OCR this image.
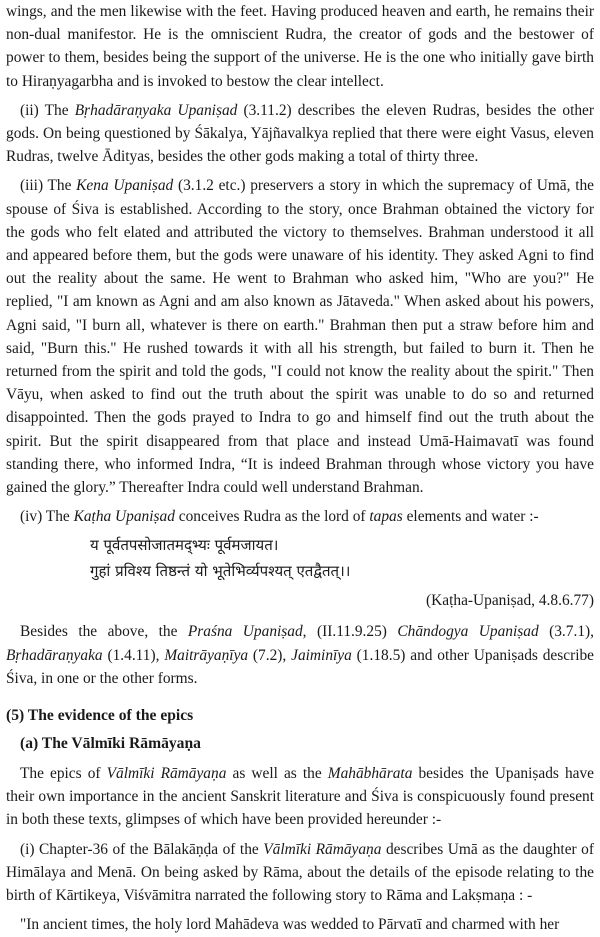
wings, and the men likewise with the feet. Having produced heaven and earth, he remains their non-dual manifestor. He is the omniscient Rudra, the creator of gods and the bestower of power to them, besides being the support of the universe. He is the one who initially gave birth to Hiraṇyagarbha and is invoked to bestow the clear intellect.

(ii) The Bṛhadāraṇyaka Upaniṣad (3.11.2) describes the eleven Rudras, besides the other gods. On being questioned by Śākalya, Yājñavalkya replied that there were eight Vasus, eleven Rudras, twelve Ādityas, besides the other gods making a total of thirty three.

(iii) The Kena Upaniṣad (3.1.2 etc.) preservers a story in which the supremacy of Umā, the spouse of Śiva is established. According to the story, once Brahman obtained the victory for the gods who felt elated and attributed the victory to themselves. Brahman understood it all and appeared before them, but the gods were unaware of his identity. They asked Agni to find out the reality about the same. He went to Brahman who asked him, "Who are you?" He replied, "I am known as Agni and am also known as Jātaveda." When asked about his powers, Agni said, "I burn all, whatever is there on earth." Brahman then put a straw before him and said, "Burn this." He rushed towards it with all his strength, but failed to burn it. Then he returned from the spirit and told the gods, "I could not know the reality about the spirit." Then Vāyu, when asked to find out the truth about the spirit was unable to do so and returned disappointed. Then the gods prayed to Indra to go and himself find out the truth about the spirit. But the spirit disappeared from that place and instead Umā-Haimavatī was found standing there, who informed Indra, “It is indeed Brahman through whose victory you have gained the glory.” Thereafter Indra could well understand Brahman.

(iv) The Kaṭha Upaniṣad conceives Rudra as the lord of tapas elements and water :-

य पूर्वतपसोजातमद्भ्यः पूर्वमजायत।
गुहां प्रविश्य तिष्ठन्तं यो भूतेभिर्व्यपश्यत् एतद्वैतत्।।
(Kaṭha-Upaniṣad, 4.8.6.77)

Besides the above, the Praśna Upaniṣad, (II.11.9.25) Chāndogya Upaniṣad (3.7.1), Bṛhadāraṇyaka (1.4.11), Maitrāyaṇīya (7.2), Jaiminīya (1.18.5) and other Upaniṣads describe Śiva, in one or the other forms.

(5) The evidence of the epics
(a) The Vālmīki Rāmāyaṇa

The epics of Vālmīki Rāmāyaṇa as well as the Mahābhārata besides the Upaniṣads have their own importance in the ancient Sanskrit literature and Śiva is conspicuously found present in both these texts, glimpses of which have been provided hereunder :-

(i) Chapter-36 of the Bālakāṇḍa of the Vālmīki Rāmāyaṇa describes Umā as the daughter of Himālaya and Menā. On being asked by Rāma, about the details of the episode relating to the birth of Kārtikeya, Viśvāmitra narrated the following story to Rāma and Lakṣmaṇa : -

"In ancient times, the holy lord Mahādeva was wedded to Pārvatī and charmed with her
